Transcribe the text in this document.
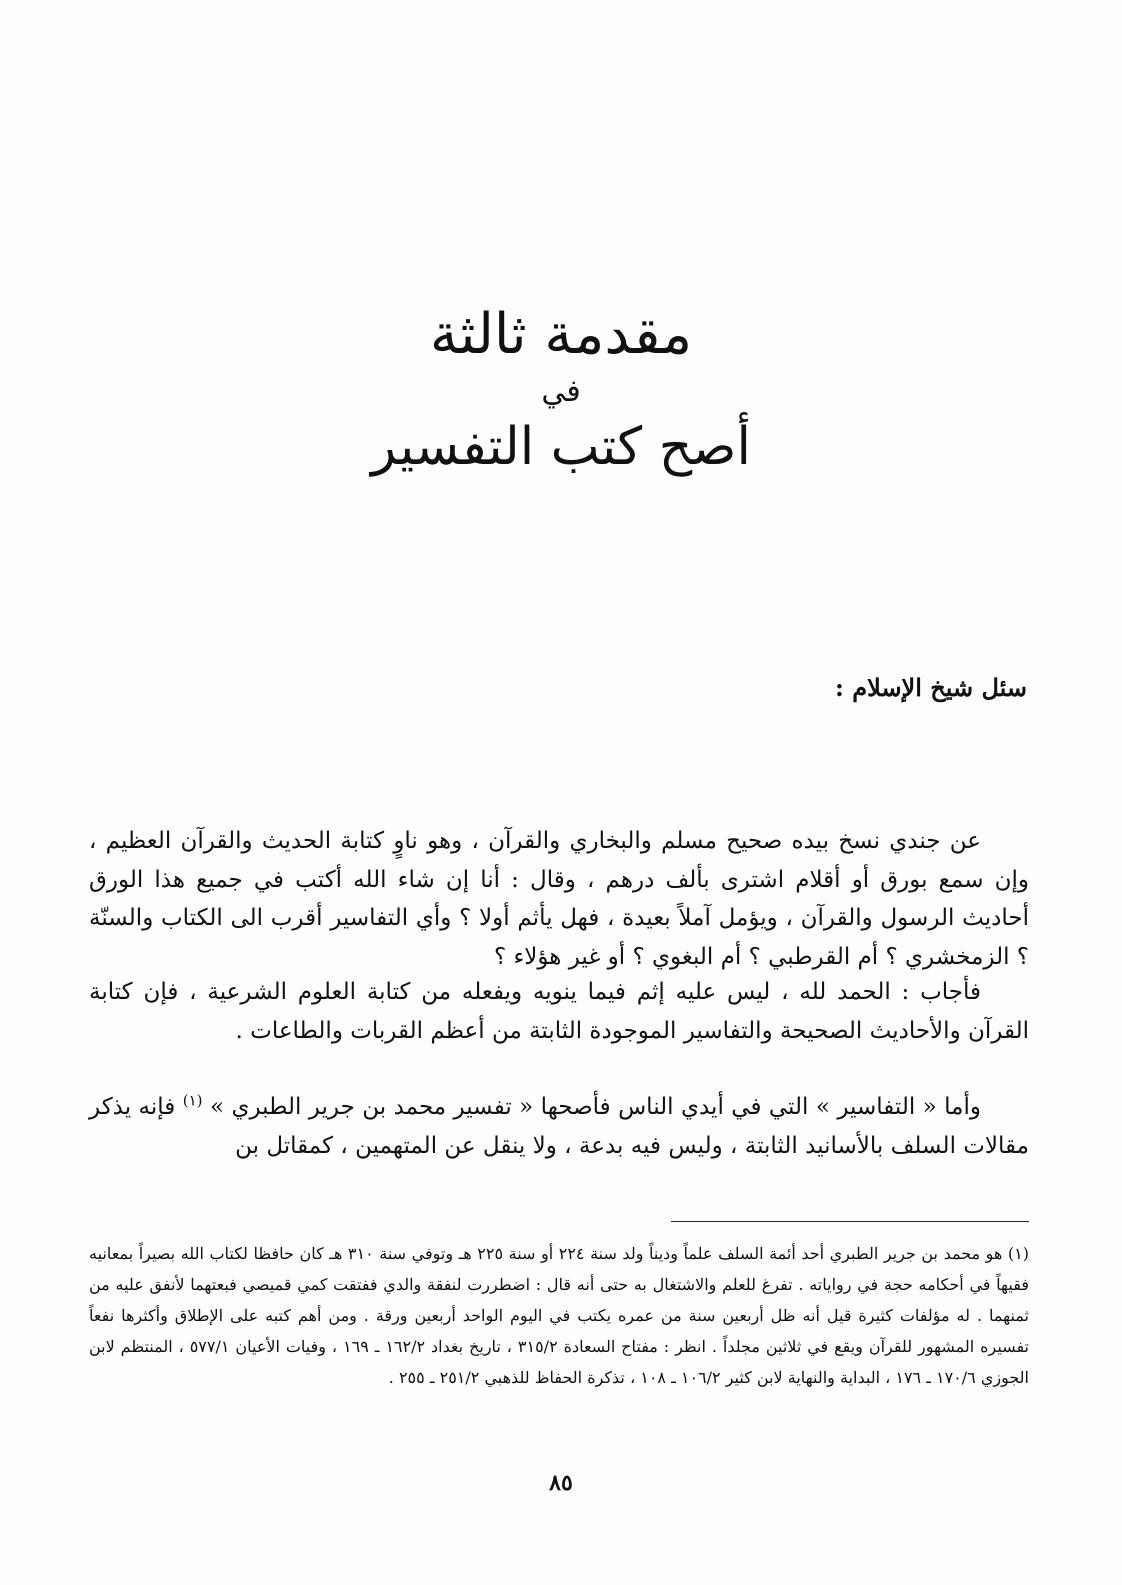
مقدمة ثالثة
في
أصح كتب التفسير
سئل شيخ الإسلام :
عن جندي نسخ بيده صحيح مسلم والبخاري والقرآن ، وهو ناوٍ كتابة الحديث والقرآن العظيم ، وإن سمع بورق أو أقلام اشترى بألف درهم ، وقال : أنا إن شاء الله أكتب في جميع هذا الورق أحاديث الرسول والقرآن ، ويؤمل آملاً بعيدة ، فهل يأثم أولا ؟ وأي التفاسير أقرب الى الكتاب والسنّة ؟ الزمخشري ؟ أم القرطبي ؟ أم البغوي ؟ أو غير هؤلاء ؟
فأجاب : الحمد لله ، ليس عليه إثم فيما ينويه ويفعله من كتابة العلوم الشرعية ، فإن كتابة القرآن والأحاديث الصحيحة والتفاسير الموجودة الثابتة من أعظم القربات والطاعات .
وأما « التفاسير » التي في أيدي الناس فأصحها « تفسير محمد بن جرير الطبري » $^{(١)}$ فإنه يذكر مقالات السلف بالأسانيد الثابتة ، وليس فيه بدعة ، ولا ينقل عن المتهمين ، كمقاتل بن
(١) هو محمد بن جرير الطبري أحد أئمة السلف علماً وديناً ولد سنة ٢٢٤ أو سنة ٢٢٥ هـ وتوفي سنة ٣١٠ هـ كان حافظا لكتاب الله بصيراً بمعانيه فقيهاً في أحكامه حجة في رواياته . تفرغ للعلم والاشتغال به حتى أنه قال : اضطررت لنفقة والدي ففتقت كمي قميصي فبعتهما لأنفق عليه من ثمنهما . له مؤلفات كثيرة قيل أنه ظل أربعين سنة من عمره يكتب في اليوم الواحد أربعين ورقة . ومن أهم كتبه على الإطلاق وأكثرها نفعاً تفسيره المشهور للقرآن ويقع في ثلاثين مجلداً . انظر : مفتاح السعادة ٣١٥/٢ ، تاريخ بغداد ١٦٢/٢ ـ ١٦٩ ، وفيات الأعيان ٥٧٧/١ ، المنتظم لابن الجوزي ١٧٠/٦ ـ ١٧٦ ، البداية والنهاية لابن كثير ١٠٦/٢ ـ ١٠٨ ، تذكرة الحفاظ للذهبي ٢٥١/٢ ـ ٢٥٥ .
٨٥
